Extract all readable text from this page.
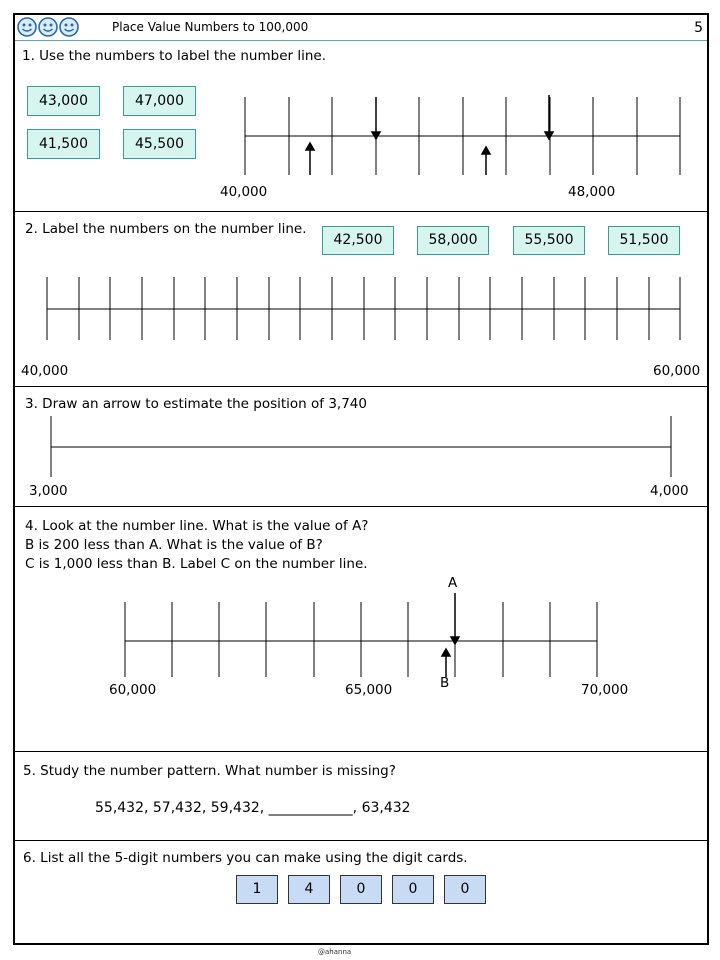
Place Value Numbers to 100,000	5
1. Use the numbers to label the number line.
43,000	47,000
41,500	45,500
40,000	48,000
2. Label the numbers on the number line.
42,500	58,000	55,500	51,500
40,000	60,000
3. Draw an arrow to estimate the position of 3,740
3,000	4,000
4. Look at the number line. What is the value of A?
B is 200 less than A. What is the value of B?
C is 1,000 less than B. Label C on the number line.
A
B
60,000	65,000	70,000
5. Study the number pattern. What number is missing?
55,432, 57,432, 59,432, ____________, 63,432
6. List all the 5-digit numbers you can make using the digit cards.
1	4	0	0	0
@ahanna
